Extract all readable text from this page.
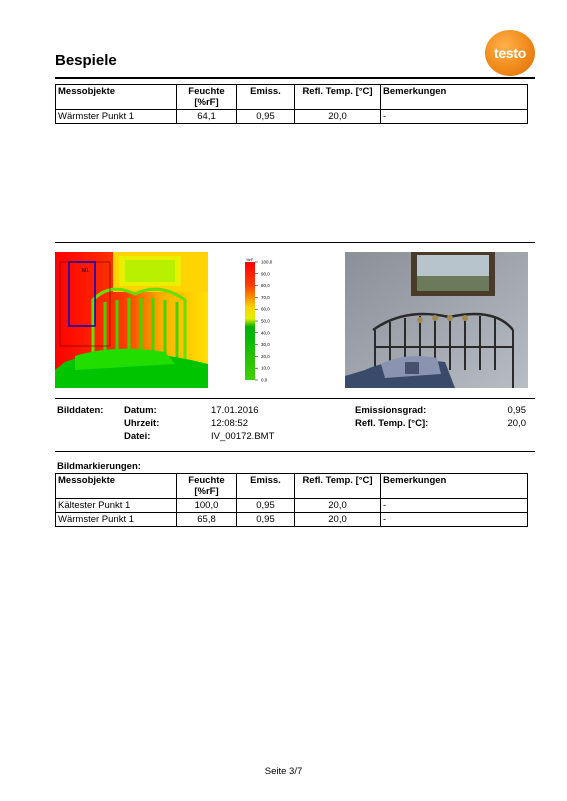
Bespiele	testo
Messobjekte	Feuchte [%rF]	Emiss.	Refl. Temp. [°C]	Bemerkungen
Wärmster Punkt 1	64,1	0,95	20,0	-
M1
%rF 100,0
90,0
80,0
70,0
60,0
50,0
40,0
30,0
20,0
10,0
0,0
Bilddaten: Datum:	17.01.2016
Uhrzeit:	12:08:52
Datei:	IV_00172.BMT
Emissionsgrad:	0,95
Refl. Temp. [°C]:	20,0
Bildmarkierungen:
Messobjekte	Feuchte [%rF]	Emiss.	Refl. Temp. [°C]	Bemerkungen
Kältester Punkt 1	100,0	0,95	20,0	-
Wärmster Punkt 1	65,8	0,95	20,0	-
Seite 3/7
